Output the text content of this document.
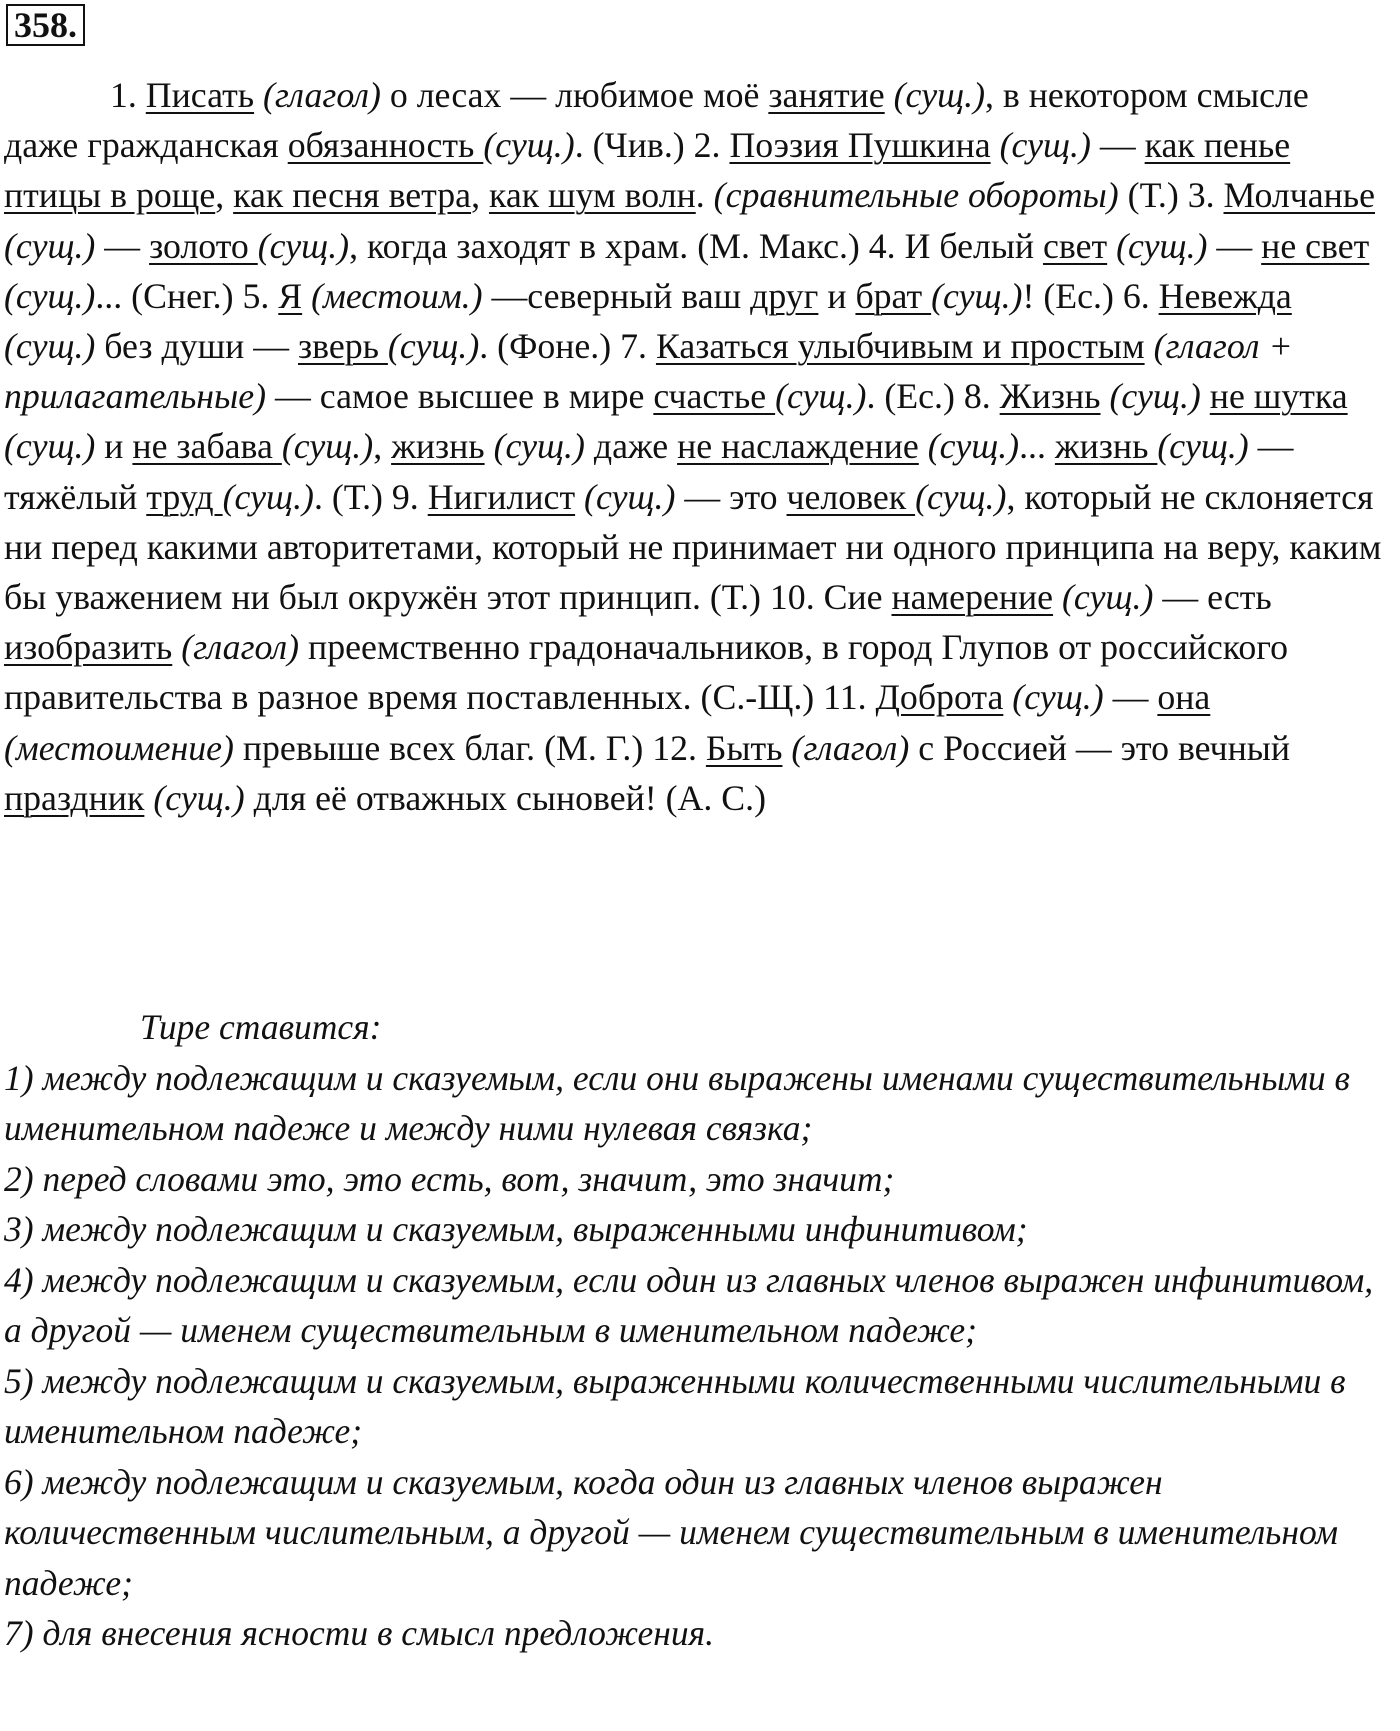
358.

1. Писать (глагол) о лесах — любимое моё занятие (сущ.), в некотором смысле даже гражданская обязанность (сущ.). (Чив.) 2. Поэзия Пушкина (сущ.) — как пенье птицы в роще, как песня ветра, как шум волн. (сравнительные обороты) (Т.) 3. Молчанье (сущ.) — золото (сущ.), когда заходят в храм. (М. Макс.) 4. И белый свет (сущ.) — не свет (сущ.)... (Снег.) 5. Я (местоим.) —северный ваш друг и брат (сущ.)! (Ес.) 6. Невежда (сущ.) без души — зверь (сущ.). (Фоне.) 7. Казаться улыбчивым и простым (глагол + прилагательные) — самое высшее в мире счастье (сущ.). (Ес.) 8. Жизнь (сущ.) не шутка (сущ.) и не забава (сущ.), жизнь (сущ.) даже не наслаждение (сущ.)... жизнь (сущ.) — тяжёлый труд (сущ.). (Т.) 9. Нигилист (сущ.) — это человек (сущ.), который не склоняется ни перед какими авторитетами, который не принимает ни одного принципа на веру, каким бы уважением ни был окружён этот принцип. (Т.) 10. Сие намерение (сущ.) — есть изобразить (глагол) преемственно градоначальников, в город Глупов от российского правительства в разное время поставленных. (С.-Щ.) 11. Доброта (сущ.) — она (местоимение) превыше всех благ. (М. Г.) 12. Быть (глагол) с Россией — это вечный праздник (сущ.) для её отважных сыновей! (А. С.)

Тире ставится:

1) между подлежащим и сказуемым, если они выражены именами существительными в именительном падеже и между ними нулевая связка;

2) перед словами это, это есть, вот, значит, это значит;

3) между подлежащим и сказуемым, выраженными инфинитивом;

4) между подлежащим и сказуемым, если один из главных членов выражен инфинитивом, а другой — именем существительным в именительном падеже;

5) между подлежащим и сказуемым, выраженными количественными числительными в именительном падеже;

6) между подлежащим и сказуемым, когда один из главных членов выражен количественным числительным, а другой — именем существительным в именительном падеже;

7) для внесения ясности в смысл предложения.
